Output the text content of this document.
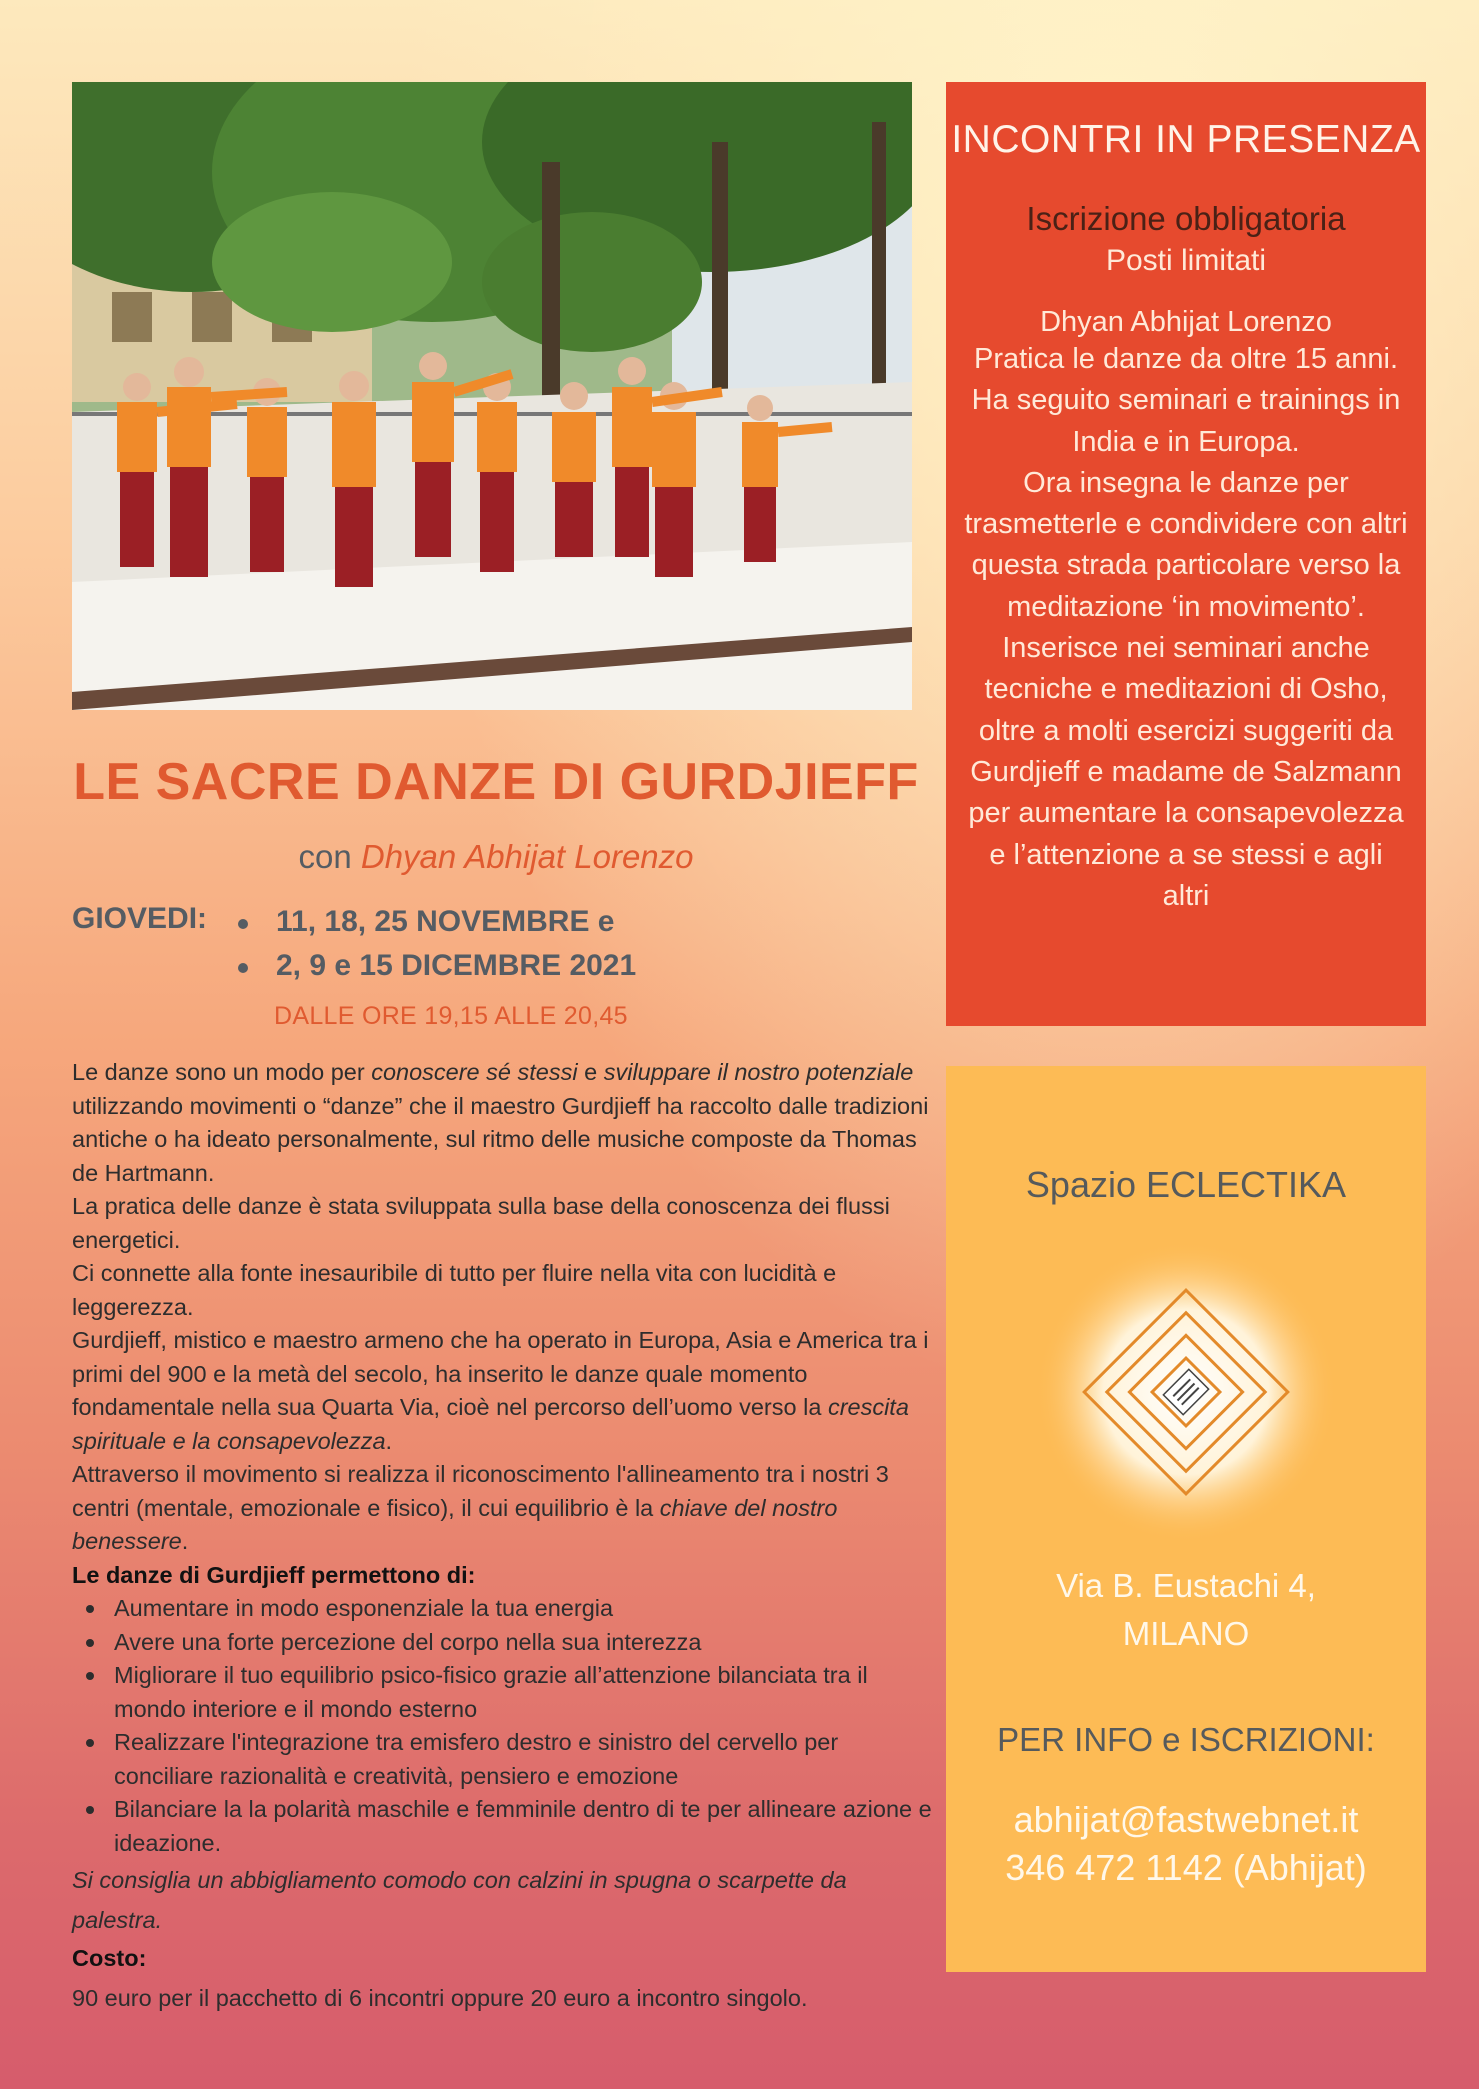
LE SACRE DANZE DI GURDJIEFF
con Dhyan Abhijat Lorenzo
GIOVEDI:	11, 18, 25 NOVEMBRE e
2, 9 e 15 DICEMBRE 2021
DALLE ORE 19,15 ALLE 20,45

Le danze sono un modo per conoscere sé stessi e sviluppare il nostro potenziale utilizzando movimenti o “danze” che il maestro Gurdjieff ha raccolto dalle tradizioni antiche o ha ideato personalmente, sul ritmo delle musiche composte da Thomas de Hartmann.

La pratica delle danze è stata sviluppata sulla base della conoscenza dei flussi energetici.

Ci connette alla fonte inesauribile di tutto per fluire nella vita con lucidità e leggerezza.

Gurdjieff, mistico e maestro armeno che ha operato in Europa, Asia e America tra i primi del 900 e la metà del secolo, ha inserito le danze quale momento fondamentale nella sua Quarta Via, cioè nel percorso dell’uomo verso la crescita spirituale e la consapevolezza.

Attraverso il movimento si realizza il riconoscimento l'allineamento tra i nostri 3 centri (mentale, emozionale e fisico), il cui equilibrio è la chiave del nostro benessere.

Le danze di Gurdjieff permettono di:

Aumentare in modo esponenziale la tua energia
Avere una forte percezione del corpo nella sua interezza
Migliorare il tuo equilibrio psico-fisico grazie all’attenzione bilanciata tra il mondo interiore e il mondo esterno
Realizzare l'integrazione tra emisfero destro e sinistro del cervello per conciliare razionalità e creatività, pensiero e emozione
Bilanciare la la polarità maschile e femminile dentro di te per allineare azione e ideazione.

Si consiglia un abbigliamento comodo con calzini in spugna o scarpette da palestra.

Costo:

90 euro per il pacchetto di 6 incontri oppure 20 euro a incontro singolo.

INCONTRI IN PRESENZA
Iscrizione obbligatoria
Posti limitati
Dhyan Abhijat Lorenzo
Pratica le danze da oltre 15 anni.
Ha seguito seminari e trainings in India e in Europa.
Ora insegna le danze per trasmetterle e condividere con altri questa strada particolare verso la meditazione ‘in movimento’.
Inserisce nei seminari anche tecniche e meditazioni di Osho, oltre a molti esercizi suggeriti da Gurdjieff e madame de Salzmann per aumentare la consapevolezza e l’attenzione a se stessi e agli altri
Spazio ECLECTIKA
Via B. Eustachi 4,
MILANO
PER INFO e ISCRIZIONI:
abhijat@fastwebnet.it
346 472 1142 (Abhijat)
